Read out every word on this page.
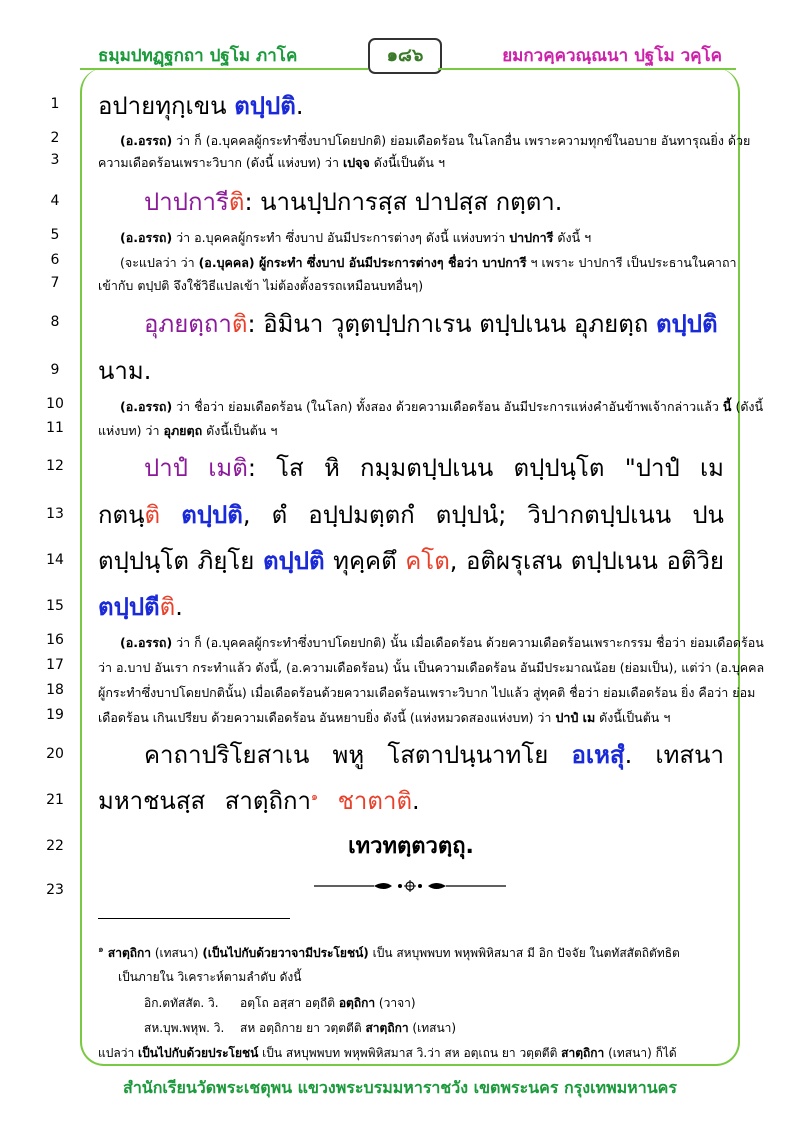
ธมฺมปทฏฺฐกถา ปฐโม ภาโค	๑๘๖	ยมกวคฺควณฺณนา ปฐโม วคฺโค
1
2
3
4
5
6
7
8
9
10
11
12
13
14
15
16
17
18
19
20
21
22
23
อปายทุกฺเขน ตปฺปติ.
(อ.อรรถ) ว่า ก็ (อ.บุคคลผู้กระทำซึ่งบาปโดยปกติ) ย่อมเดือดร้อน ในโลกอื่น เพราะความทุกข์ในอบาย อันทารุณยิ่ง ด้วย
ความเดือดร้อนเพราะวิบาก (ดังนี้ แห่งบท) ว่า เปจฺจ ดังนี้เป็นต้น ฯ
ปาปการีติ: นานปฺปการสฺส ปาปสฺส กตฺตา.
(อ.อรรถ) ว่า อ.บุคคลผู้กระทำ ซึ่งบาป อันมีประการต่างๆ ดังนี้ แห่งบทว่า ปาปการี ดังนี้ ฯ
(จะแปลว่า ว่า (อ.บุคคล) ผู้กระทำ ซึ่งบาป อันมีประการต่างๆ ชื่อว่า บาปการี ฯ เพราะ ปาปการี เป็นประธานในคาถา
เข้ากับ ตปฺปติ จึงใช้วิธีแปลเข้า ไม่ต้องตั้งอรรถเหมือนบทอื่นๆ)
อุภยตฺถาติ: อิมินา วุตฺตปฺปกาเรน ตปฺปเนน อุภยตฺถ ตปฺปติ
นาม.
(อ.อรรถ) ว่า ชื่อว่า ย่อมเดือดร้อน (ในโลก) ทั้งสอง ด้วยความเดือดร้อน อันมีประการแห่งคำอันข้าพเจ้ากล่าวแล้ว นี้ (ดังนี้
แห่งบท) ว่า อุภยตฺถ ดังนี้เป็นต้น ฯ
ปาปํ เมติ: โส หิ กมฺมตปฺปเนน ตปฺปนฺโต "ปาปํ เม
กตนฺติ ตปฺปติ, ตํ อปฺปมตฺตกํ ตปฺปนํ; วิปากตปฺปเนน ปน
ตปฺปนฺโต ภิยฺโย ตปฺปติ ทุคฺคตึ คโต, อติผรุเสน ตปฺปเนน อติวิย
ตปฺปตีติ.
(อ.อรรถ) ว่า ก็ (อ.บุคคลผู้กระทำซึ่งบาปโดยปกติ) นั้น เมื่อเดือดร้อน ด้วยความเดือดร้อนเพราะกรรม ชื่อว่า ย่อมเดือดร้อน
ว่า อ.บาป อันเรา กระทำแล้ว ดังนี้, (อ.ความเดือดร้อน) นั้น เป็นความเดือดร้อน อันมีประมาณน้อย (ย่อมเป็น), แต่ว่า (อ.บุคคล
ผู้กระทำซึ่งบาปโดยปกตินั้น) เมื่อเดือดร้อนด้วยความเดือดร้อนเพราะวิบาก ไปแล้ว สู่ทุคติ ชื่อว่า ย่อมเดือดร้อน ยิ่ง คือว่า ย่อม
เดือดร้อน เกินเปรียบ ด้วยความเดือดร้อน อันหยาบยิ่ง ดังนี้ (แห่งหมวดสองแห่งบท) ว่า ปาปํ เม ดังนี้เป็นต้น ฯ
คาถาปริโยสาเน พหู โสตาปนฺนาทโย อเหสุํ. เทสนา
มหาชนสฺส สาตฺถิกา$^๑$ ชาตาติ.
เทวทตฺตวตฺถุ.
$^๑$ สาตฺถิกา (เทสนา) (เป็นไปกับด้วยวาจามีประโยชน์) เป็น สหบุพพบท พหุพพิหิสมาส มี อิก ปัจจัย ในตทัสสัตถิตัทธิต
เป็นภายใน วิเคราะห์ตามลำดับ ดังนี้
อิก.ตทัสสัต. วิ. อตฺโถ อสฺสา อตฺถีติ อตฺถิกา (วาจา)
สห.บุพ.พหุพ. วิ. สห อตฺถิกาย ยา วตฺตตีติ สาตฺถิกา (เทสนา)
แปลว่า เป็นไปกับด้วยประโยชน์ เป็น สหบุพพบท พหุพพิหิสมาส วิ.ว่า สห อตฺเถน ยา วตฺตตีติ สาตฺถิกา (เทสนา) ก็ได้
สำนักเรียนวัดพระเชตุพน แขวงพระบรมมหาราชวัง เขตพระนคร กรุงเทพมหานคร
